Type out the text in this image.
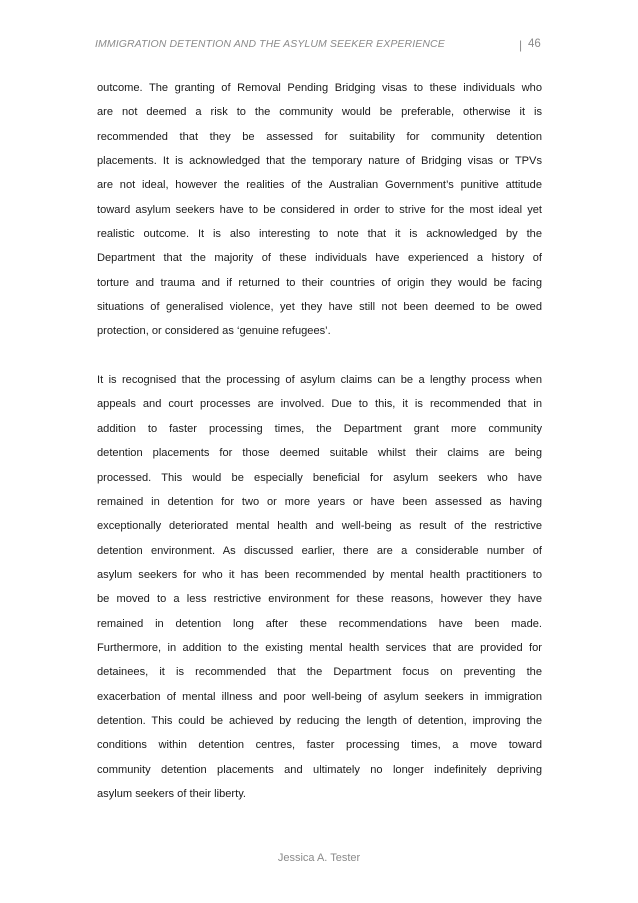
IMMIGRATION DETENTION AND THE ASYLUM SEEKER EXPERIENCE	| 46
outcome. The granting of Removal Pending Bridging visas to these individuals who
are not deemed a risk to the community would be preferable, otherwise it is
recommended that they be assessed for suitability for community detention
placements. It is acknowledged that the temporary nature of Bridging visas or TPVs
are not ideal, however the realities of the Australian Government’s punitive attitude
toward asylum seekers have to be considered in order to strive for the most ideal yet
realistic outcome. It is also interesting to note that it is acknowledged by the
Department that the majority of these individuals have experienced a history of
torture and trauma and if returned to their countries of origin they would be facing
situations of generalised violence, yet they have still not been deemed to be owed
protection, or considered as ‘genuine refugees’.
It is recognised that the processing of asylum claims can be a lengthy process when
appeals and court processes are involved. Due to this, it is recommended that in
addition to faster processing times, the Department grant more community
detention placements for those deemed suitable whilst their claims are being
processed. This would be especially beneficial for asylum seekers who have
remained in detention for two or more years or have been assessed as having
exceptionally deteriorated mental health and well-being as result of the restrictive
detention environment. As discussed earlier, there are a considerable number of
asylum seekers for who it has been recommended by mental health practitioners to
be moved to a less restrictive environment for these reasons, however they have
remained in detention long after these recommendations have been made.
Furthermore, in addition to the existing mental health services that are provided for
detainees, it is recommended that the Department focus on preventing the
exacerbation of mental illness and poor well-being of asylum seekers in immigration
detention. This could be achieved by reducing the length of detention, improving the
conditions within detention centres, faster processing times, a move toward
community detention placements and ultimately no longer indefinitely depriving
asylum seekers of their liberty.
Jessica A. Tester
